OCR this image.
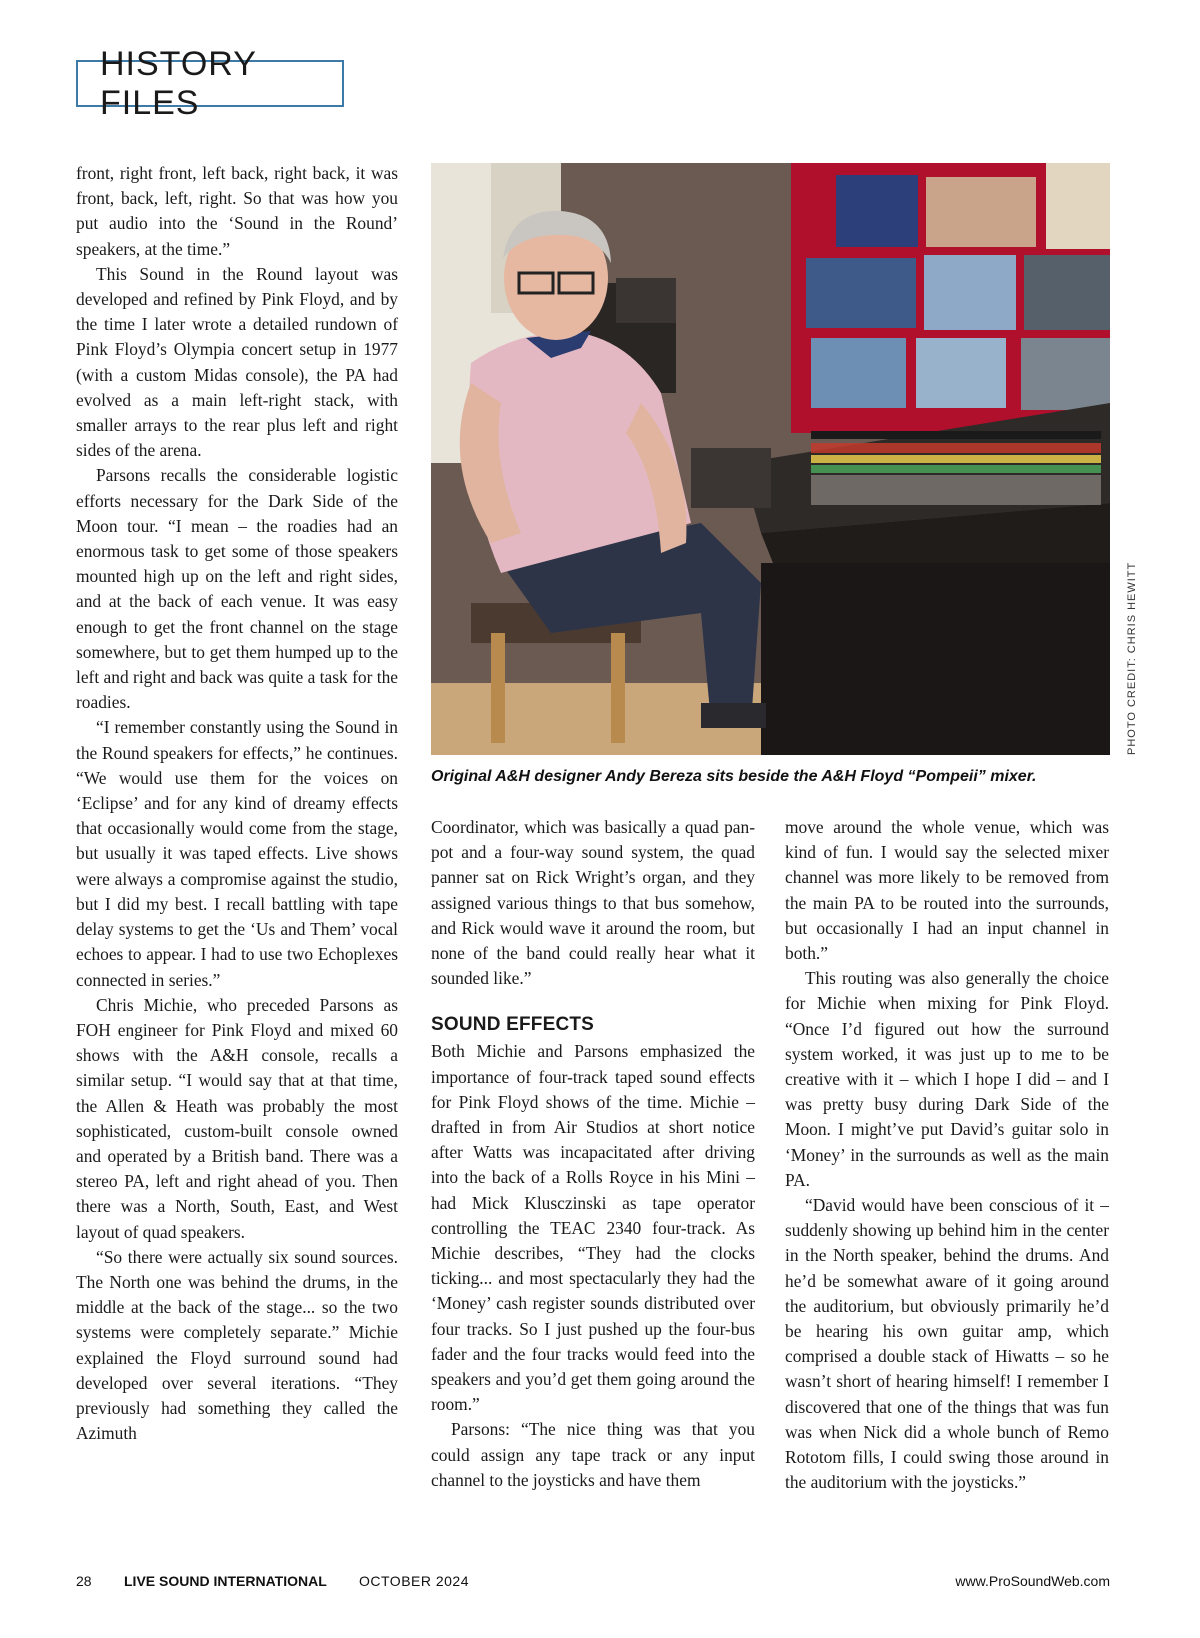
HISTORY FILES

front, right front, left back, right back, it was front, back, left, right. So that was how you put audio into the ‘Sound in the Round’ speakers, at the time.”

This Sound in the Round layout was developed and refined by Pink Floyd, and by the time I later wrote a detailed rundown of Pink Floyd’s Olympia concert setup in 1977 (with a custom Midas console), the PA had evolved as a main left-right stack, with smaller arrays to the rear plus left and right sides of the arena.

Parsons recalls the considerable logistic efforts necessary for the Dark Side of the Moon tour. “I mean – the roadies had an enormous task to get some of those speakers mounted high up on the left and right sides, and at the back of each venue. It was easy enough to get the front channel on the stage somewhere, but to get them humped up to the left and right and back was quite a task for the roadies.

“I remember constantly using the Sound in the Round speakers for effects,” he continues. “We would use them for the voices on ‘Eclipse’ and for any kind of dreamy effects that occasionally would come from the stage, but usually it was taped effects. Live shows were always a compromise against the studio, but I did my best. I recall battling with tape delay systems to get the ‘Us and Them’ vocal echoes to appear. I had to use two Echoplexes connected in series.”

Chris Michie, who preceded Parsons as FOH engineer for Pink Floyd and mixed 60 shows with the A&H console, recalls a similar setup. “I would say that at that time, the Allen & Heath was probably the most sophisticated, custom-built console owned and operated by a British band. There was a stereo PA, left and right ahead of you. Then there was a North, South, East, and West layout of quad speakers.

“So there were actually six sound sources. The North one was behind the drums, in the middle at the back of the stage... so the two systems were completely separate.” Michie explained the Floyd surround sound had developed over several iterations. “They previously had something they called the Azimuth

PHOTO CREDIT: CHRIS HEWITT
Original A&H designer Andy Bereza sits beside the A&H Floyd “Pompeii” mixer.

Coordinator, which was basically a quad pan-pot and a four-way sound system, the quad panner sat on Rick Wright’s organ, and they assigned various things to that bus somehow, and Rick would wave it around the room, but none of the band could really hear what it sounded like.”

SOUND EFFECTS

Both Michie and Parsons emphasized the importance of four-track taped sound effects for Pink Floyd shows of the time. Michie – drafted in from Air Studios at short notice after Watts was incapacitated after driving into the back of a Rolls Royce in his Mini – had Mick Klusczinski as tape operator controlling the TEAC 2340 four-track. As Michie describes, “They had the clocks ticking... and most spectacularly they had the ‘Money’ cash register sounds distributed over four tracks. So I just pushed up the four-bus fader and the four tracks would feed into the speakers and you’d get them going around the room.”

Parsons: “The nice thing was that you could assign any tape track or any input channel to the joysticks and have them

move around the whole venue, which was kind of fun. I would say the selected mixer channel was more likely to be removed from the main PA to be routed into the surrounds, but occasionally I had an input channel in both.”

This routing was also generally the choice for Michie when mixing for Pink Floyd. “Once I’d figured out how the surround system worked, it was just up to me to be creative with it – which I hope I did – and I was pretty busy during Dark Side of the Moon. I might’ve put David’s guitar solo in ‘Money’ in the surrounds as well as the main PA.

“David would have been conscious of it – suddenly showing up behind him in the center in the North speaker, behind the drums. And he’d be somewhat aware of it going around the auditorium, but obviously primarily he’d be hearing his own guitar amp, which comprised a double stack of Hiwatts – so he wasn’t short of hearing himself! I remember I discovered that one of the things that was fun was when Nick did a whole bunch of Remo Rototom fills, I could swing those around in the auditorium with the joysticks.”

28 LIVE SOUND INTERNATIONAL OCTOBER 2024	www.ProSoundWeb.com
